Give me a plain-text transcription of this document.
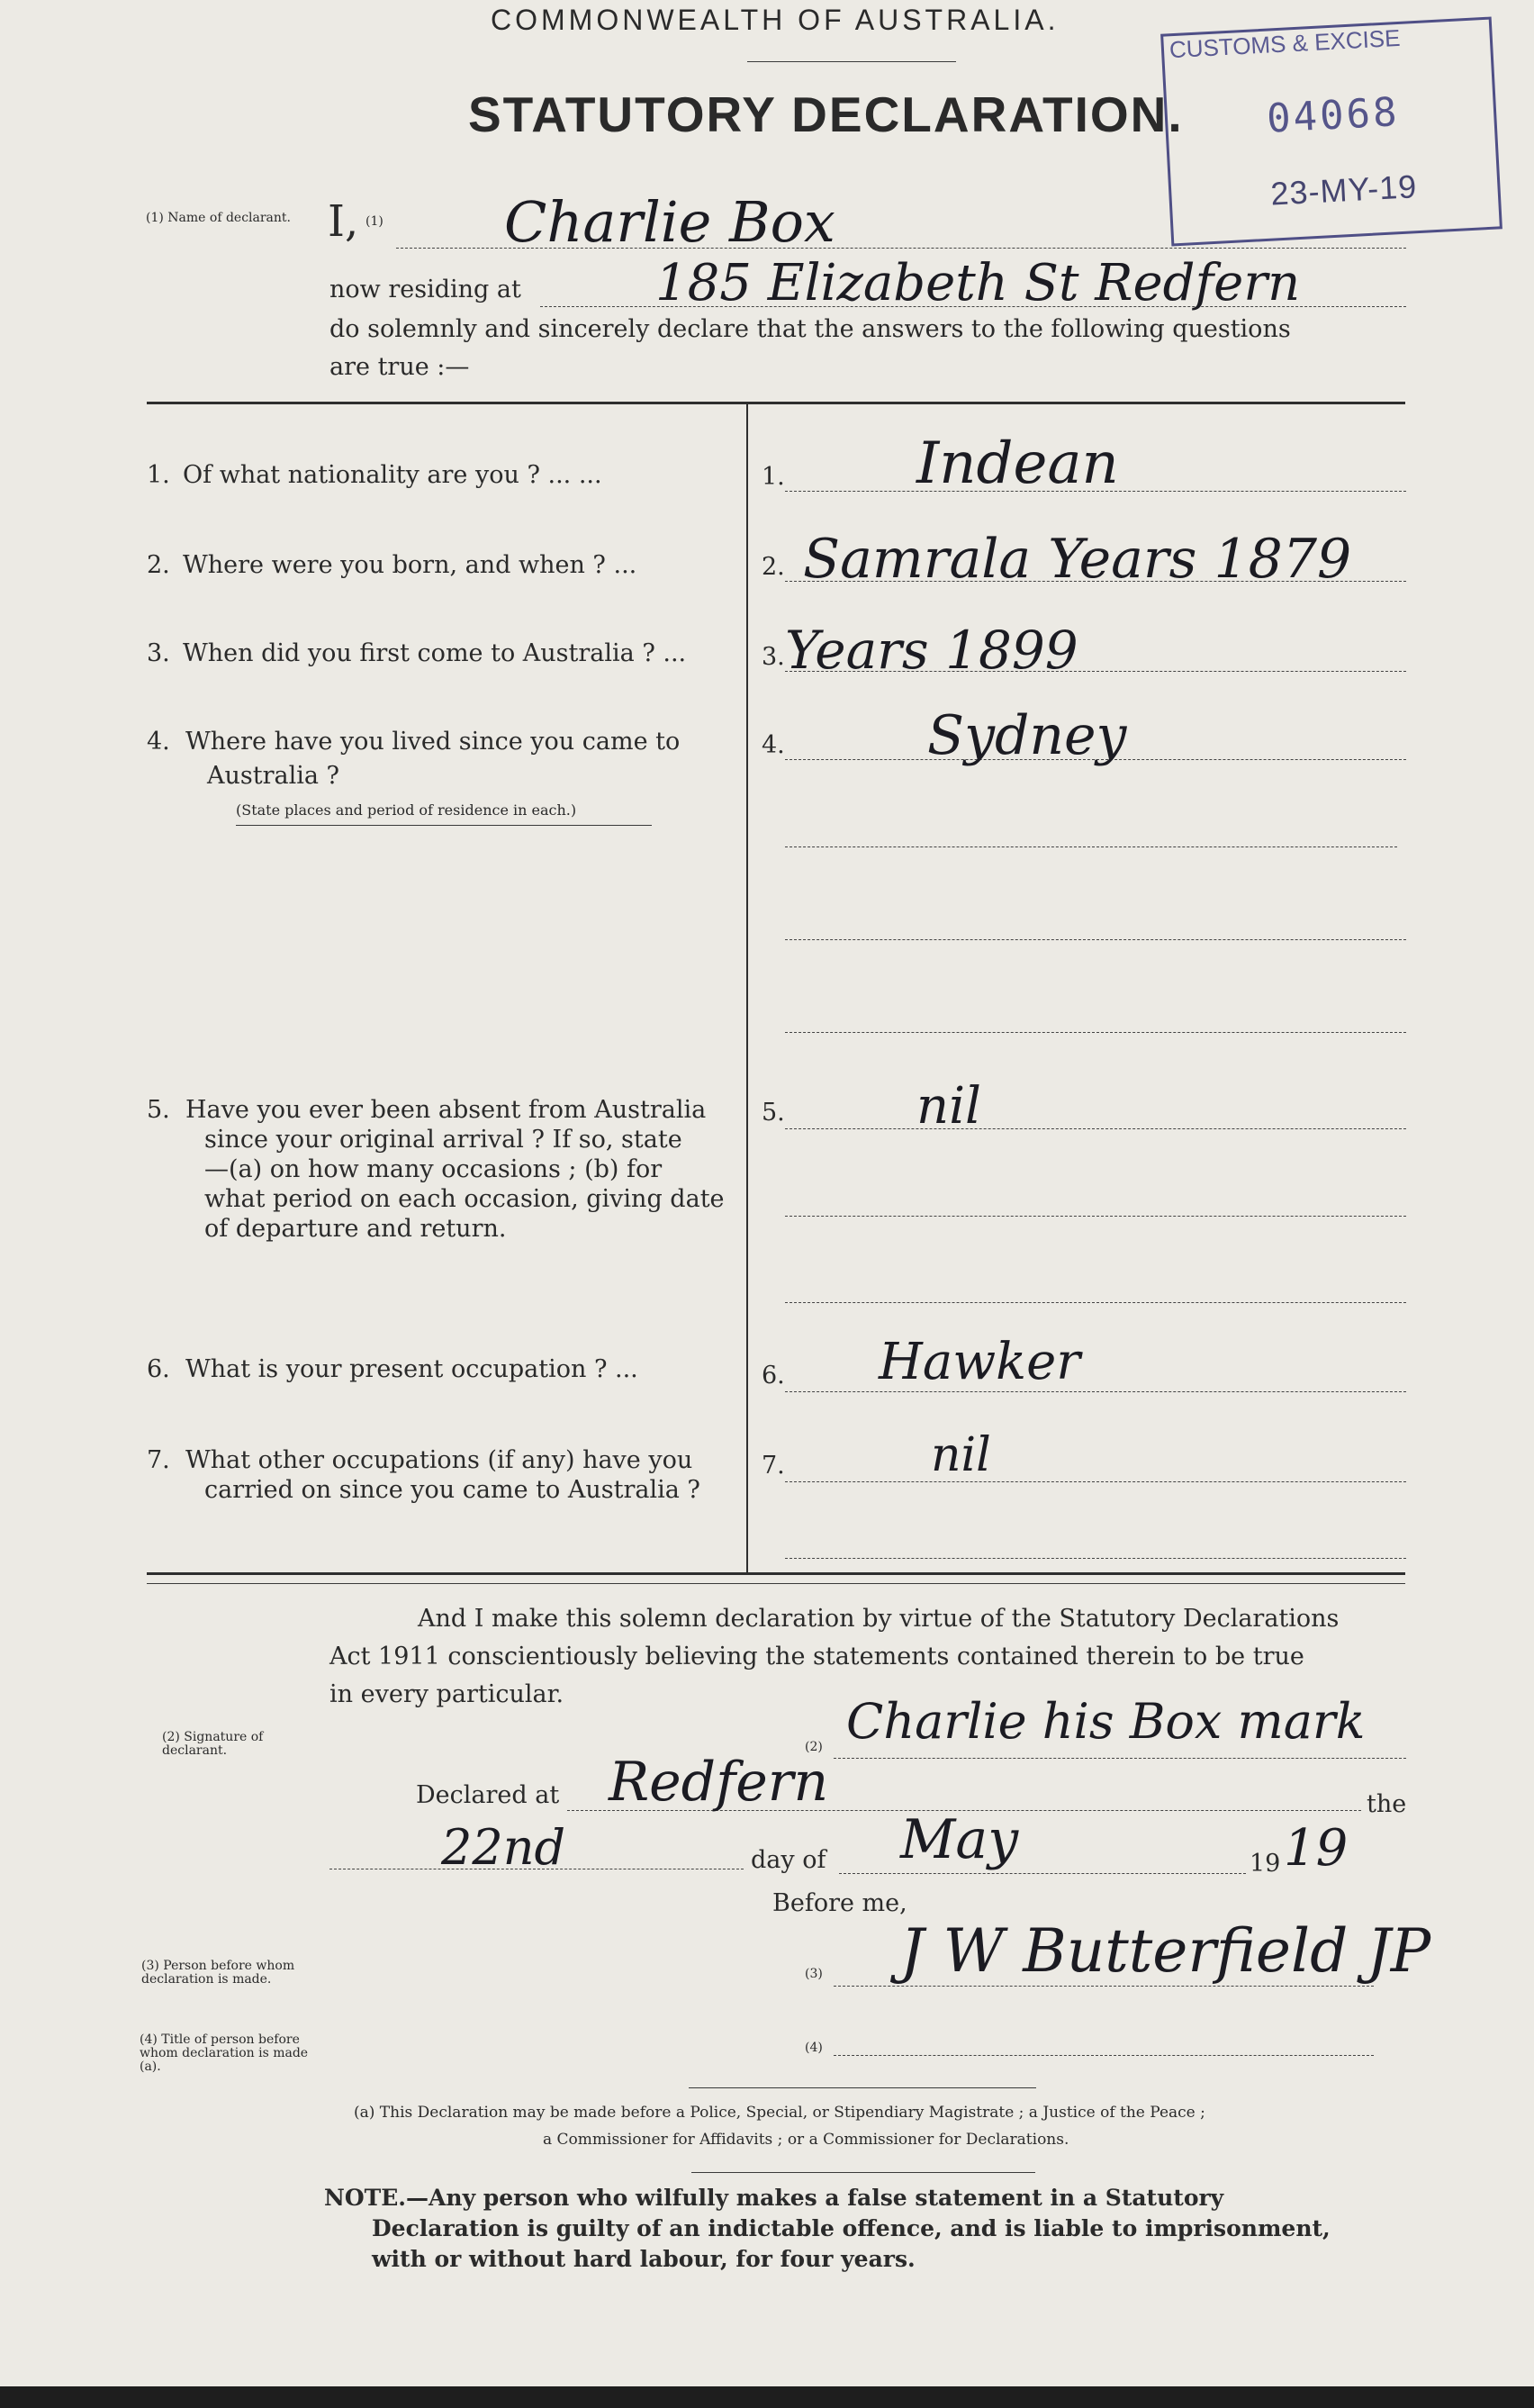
COMMONWEALTH OF AUSTRALIA.
STATUTORY DECLARATION.
CUSTOMS & EXCISE
04068
23-MY-19
(1) Name of declarant. I, (1) Charlie Box
now residing at	185 Elizabeth St Redfern
do solemnly and sincerely declare that the answers to the following questions
are true :—
1. Of what nationality are you ? ... ...	1. Indean
2. Where were you born, and when ? ...	2. Samrala Years 1879
3. When did you first come to Australia ? ...	3. Years 1899
4. Where have you lived since you came to
Australia ?
(State places and period of residence in each.)
4.	Sydney
5. Have you ever been absent from Australia
since your original arrival ? If so, state
—(a) on how many occasions ; (b) for
what period on each occasion, giving date
of departure and return.
5.	nil
6. What is your present occupation ? ...	6. Hawker
7. What other occupations (if any) have you
carried on since you came to Australia ?
7.	nil
And I make this solemn declaration by virtue of the Statutory Declarations
Act 1911 conscientiously believing the statements contained therein to be true
in every particular.
(2) Signature of declarant.	(2) Charlie his Box mark
Declared at Redfern	the
22nd	day of May	19 19
Before me,
(3) Person before whom declaration is made.	(3) J W Butterfield JP
(4) Title of person before whom declaration is made (a).
(4)
(a) This Declaration may be made before a Police, Special, or Stipendiary Magistrate ; a Justice of the Peace ;
a Commissioner for Affidavits ; or a Commissioner for Declarations.
NOTE.—Any person who wilfully makes a false statement in a Statutory
Declaration is guilty of an indictable offence, and is liable to imprisonment,
with or without hard labour, for four years.
